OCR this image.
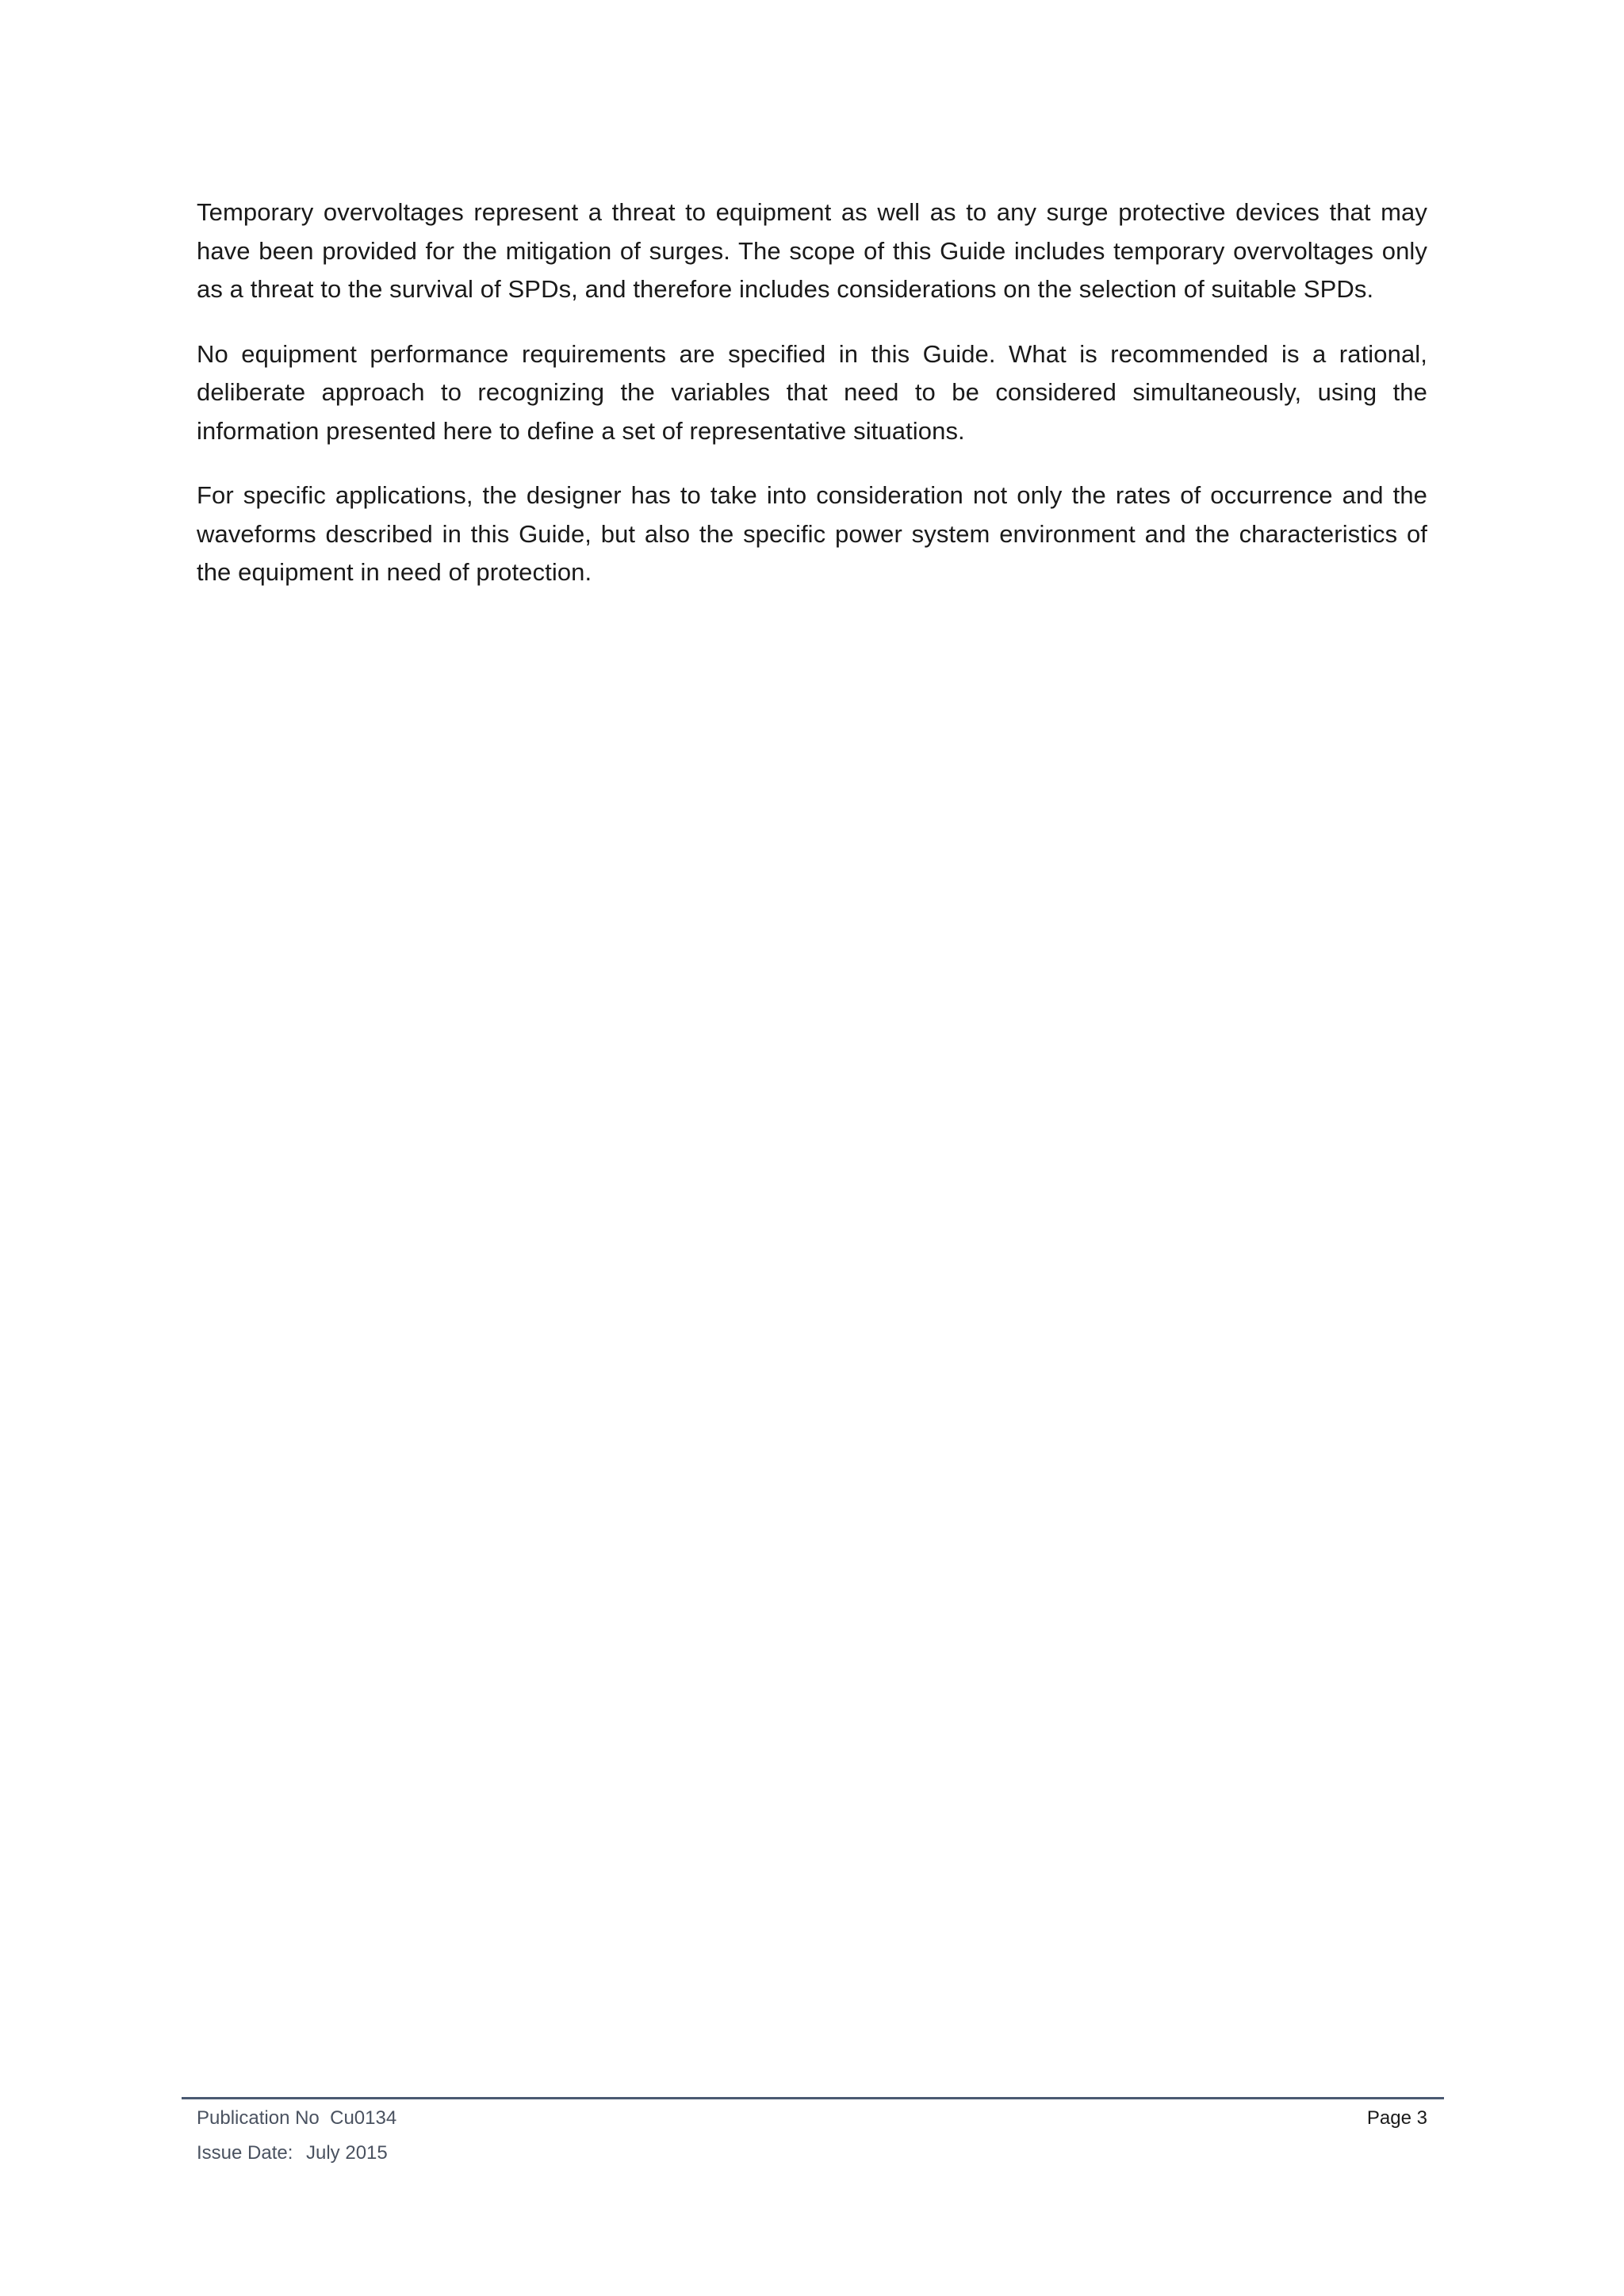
Temporary overvoltages represent a threat to equipment as well as to any surge protective devices that may have been provided for the mitigation of surges. The scope of this Guide includes temporary overvoltages only as a threat to the survival of SPDs, and therefore includes considerations on the selection of suitable SPDs.

No equipment performance requirements are specified in this Guide. What is recommended is a rational, deliberate approach to recognizing the variables that need to be considered simultaneously, using the information presented here to define a set of representative situations.

For specific applications, the designer has to take into consideration not only the rates of occurrence and the waveforms described in this Guide, but also the specific power system environment and the characteristics of the equipment in need of protection.

Publication No Cu0134	Page 3
Issue Date: July 2015
